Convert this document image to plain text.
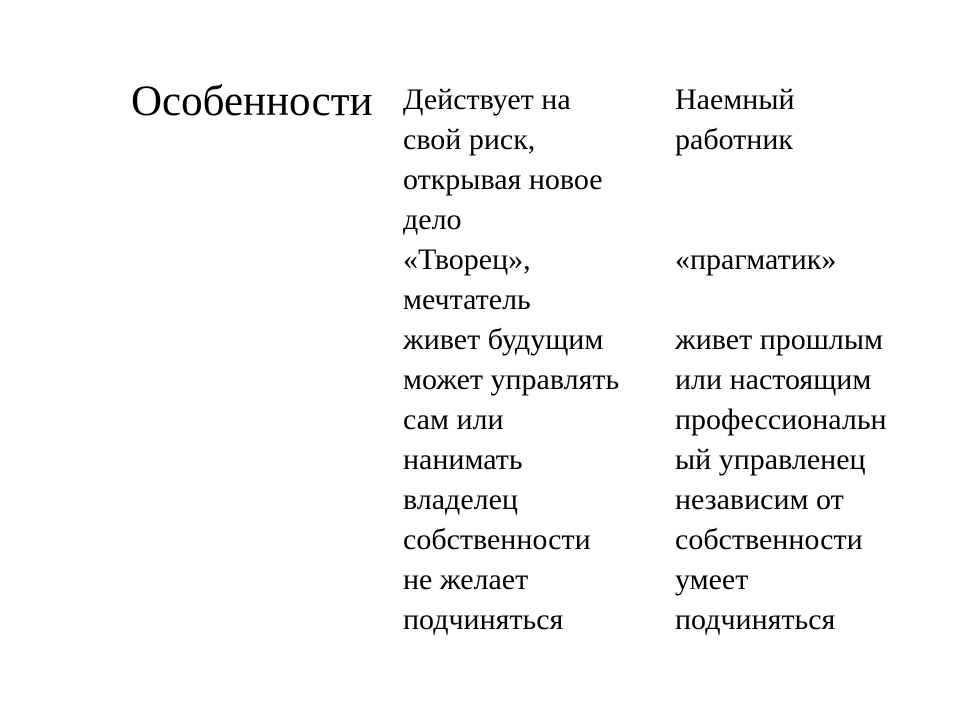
Особенности Действует на
свой риск,
открывая новое
дело
«Творец»,
мечтатель
живет будущим
может управлять
сам или
нанимать
владелец
собственности
не желает
подчиняться
Наемный
работник
«прагматик»
живет прошлым
или настоящим
профессиональн
ый управленец
независим от
собственности
умеет
подчиняться
